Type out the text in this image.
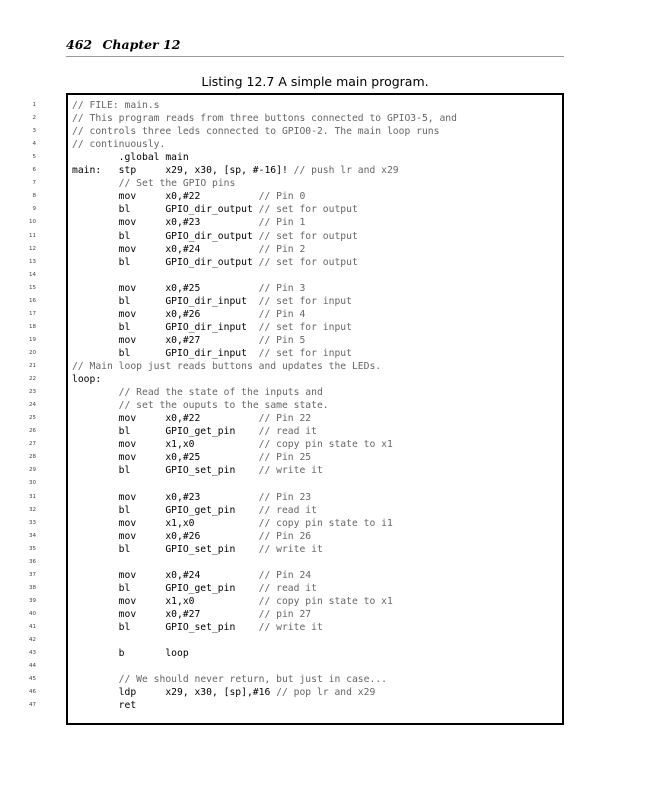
462 Chapter 12
Listing 12.7 A simple main program.
1	// FILE: main.s
2	// This program reads from three buttons connected to GPIO3-5, and
3	// controls three leds connected to GPIO0-2. The main loop runs
4	// continuously.
5	.global main
6	main:   stp     x29, x30, [sp, #-16]! // push lr and x29
7	// Set the GPIO pins
8	mov     x0,#22          // Pin 0
9	bl      GPIO_dir_output // set for output
10	mov     x0,#23          // Pin 1
11	bl      GPIO_dir_output // set for output
12	mov     x0,#24          // Pin 2
13	bl      GPIO_dir_output // set for output
14
15	mov     x0,#25          // Pin 3
16	bl      GPIO_dir_input  // set for input
17	mov     x0,#26          // Pin 4
18	bl      GPIO_dir_input  // set for input
19	mov     x0,#27          // Pin 5
20	bl      GPIO_dir_input  // set for input
21	// Main loop just reads buttons and updates the LEDs.
22	loop:
23	// Read the state of the inputs and
24	// set the ouputs to the same state.
25	mov     x0,#22          // Pin 22
26	bl      GPIO_get_pin    // read it
27	mov     x1,x0           // copy pin state to x1
28	mov     x0,#25          // Pin 25
29	bl      GPIO_set_pin    // write it
30
31	mov     x0,#23          // Pin 23
32	bl      GPIO_get_pin    // read it
33	mov     x1,x0           // copy pin state to i1
34	mov     x0,#26          // Pin 26
35	bl      GPIO_set_pin    // write it
36
37	mov     x0,#24          // Pin 24
38	bl      GPIO_get_pin    // read it
39	mov     x1,x0           // copy pin state to x1
40	mov     x0,#27          // pin 27
41	bl      GPIO_set_pin    // write it
42
43	b       loop
44
45	// We should never return, but just in case...
46	ldp     x29, x30, [sp],#16 // pop lr and x29
47	ret
